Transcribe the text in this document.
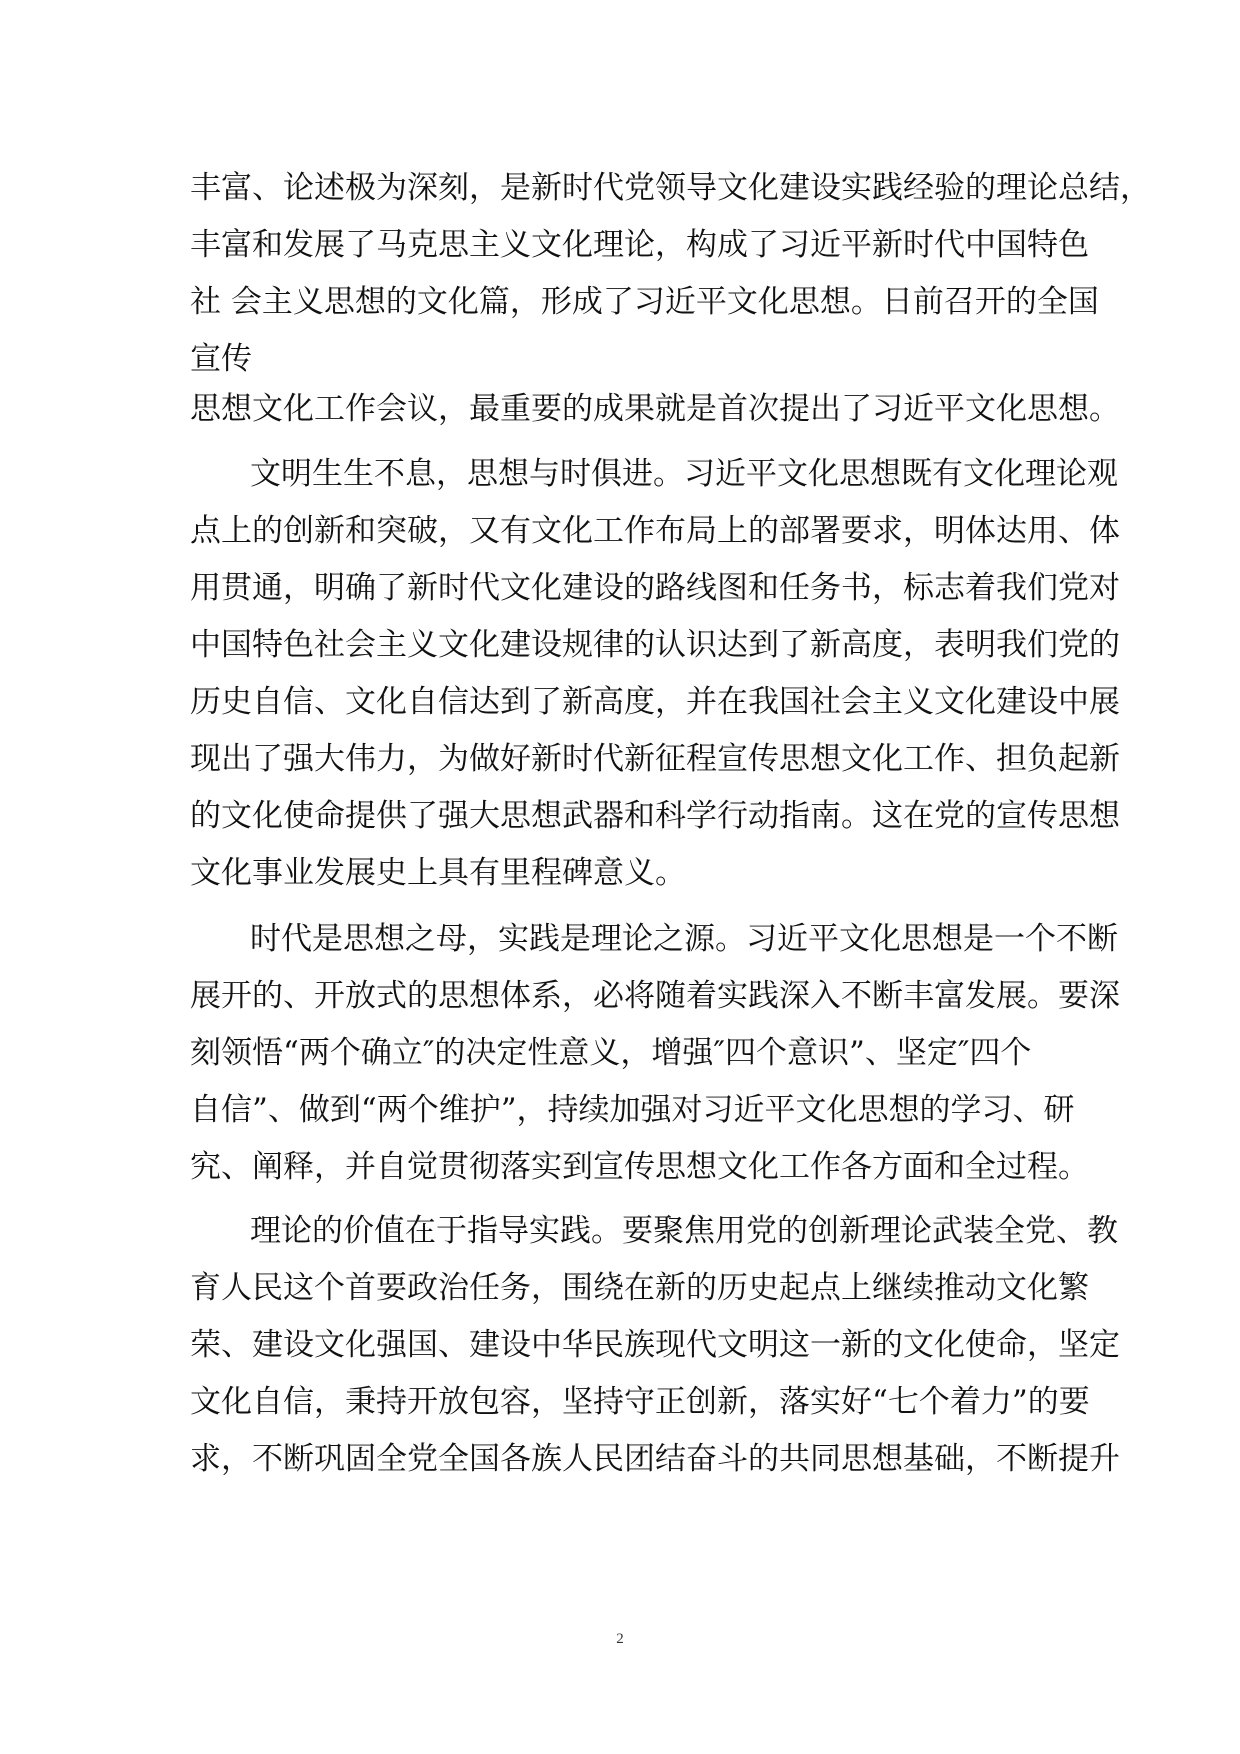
丰富、论述极为深刻，是新时代党领导文化建设实践经验的理论总结，
丰富和发展了马克思主义文化理论，构成了习近平新时代中国特色
社 会主义思想的文化篇，形成了习近平文化思想。日前召开的全国
宣传
思想文化工作会议，最重要的成果就是首次提出了习近平文化思想。
文明生生不息，思想与时俱进。习近平文化思想既有文化理论观
点上的创新和突破，又有文化工作布局上的部署要求，明体达用、体
用贯通，明确了新时代文化建设的路线图和任务书，标志着我们党对
中国特色社会主义文化建设规律的认识达到了新高度，表明我们党的
历史自信、文化自信达到了新高度，并在我国社会主义文化建设中展
现出了强大伟力，为做好新时代新征程宣传思想文化工作、担负起新
的文化使命提供了强大思想武器和科学行动指南。这在党的宣传思想
文化事业发展史上具有里程碑意义。
时代是思想之母，实践是理论之源。习近平文化思想是一个不断
展开的、开放式的思想体系，必将随着实践深入不断丰富发展。要深
刻领悟“两个确立″的决定性意义，增强″四个意识”、坚定″四个
自信”、做到“两个维护”，持续加强对习近平文化思想的学习、研
究、阐释，并自觉贯彻落实到宣传思想文化工作各方面和全过程。
理论的价值在于指导实践。要聚焦用党的创新理论武装全党、教
育人民这个首要政治任务，围绕在新的历史起点上继续推动文化繁
荣、建设文化强国、建设中华民族现代文明这一新的文化使命，坚定
文化自信，秉持开放包容，坚持守正创新，落实好“七个着力”的要
求，不断巩固全党全国各族人民团结奋斗的共同思想基础，不断提升
2
